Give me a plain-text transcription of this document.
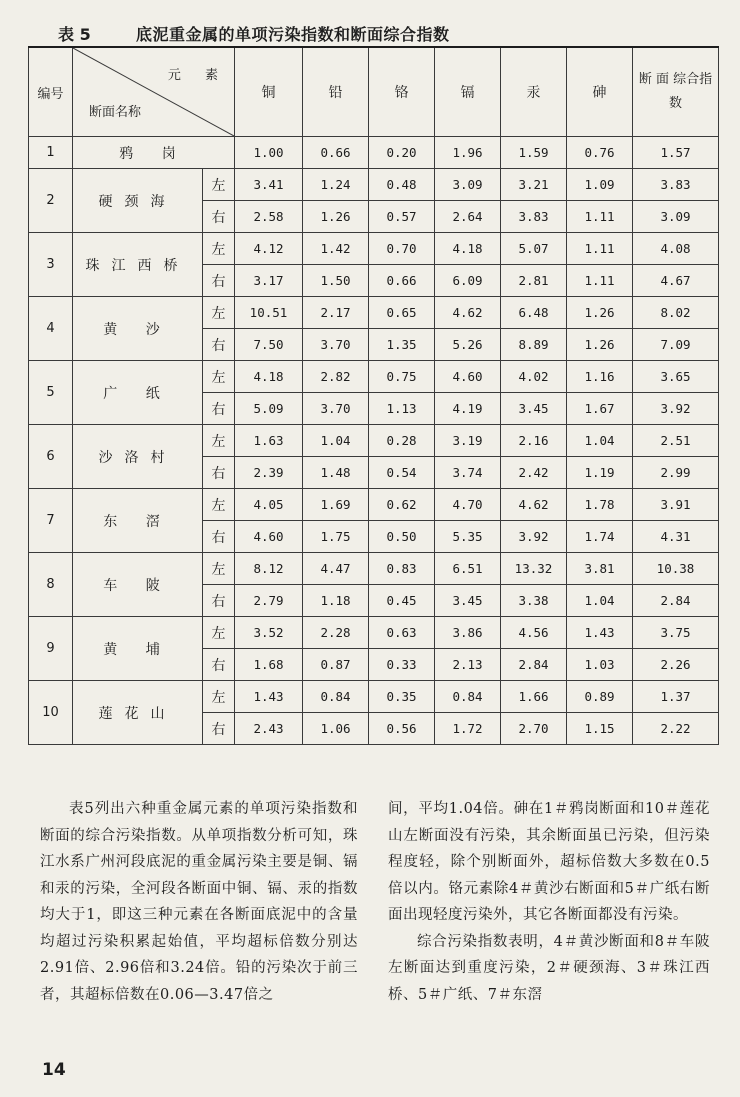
表 5	底泥重金属的单项污染指数和断面综合指数
编号	元 素
断面名称		铜	铅	铬	镉	汞	砷	断 面 综合指数
1	鸦 岗		1.00	0.66	0.20	1.96	1.59	0.76	1.57
2	硬颈海	左	3.41	1.24	0.48	3.09	3.21	1.09	3.83
		右	2.58	1.26	0.57	2.64	3.83	1.11	3.09
3	珠江西桥	左	4.12	1.42	0.70	4.18	5.07	1.11	4.08
		右	3.17	1.50	0.66	6.09	2.81	1.11	4.67
4	黄 沙	左	10.51	2.17	0.65	4.62	6.48	1.26	8.02
		右	7.50	3.70	1.35	5.26	8.89	1.26	7.09
5	广 纸	左	4.18	2.82	0.75	4.60	4.02	1.16	3.65
		右	5.09	3.70	1.13	4.19	3.45	1.67	3.92
6	沙洛村	左	1.63	1.04	0.28	3.19	2.16	1.04	2.51
		右	2.39	1.48	0.54	3.74	2.42	1.19	2.99
7	东 滘	左	4.05	1.69	0.62	4.70	4.62	1.78	3.91
		右	4.60	1.75	0.50	5.35	3.92	1.74	4.31
8	车 陂	左	8.12	4.47	0.83	6.51	13.32	3.81	10.38
		右	2.79	1.18	0.45	3.45	3.38	1.04	2.84
9	黄 埔	左	3.52	2.28	0.63	3.86	4.56	1.43	3.75
		右	1.68	0.87	0.33	2.13	2.84	1.03	2.26
10	莲花山	左	1.43	0.84	0.35	0.84	1.66	0.89	1.37
		右	2.43	1.06	0.56	1.72	2.70	1.15	2.22

表5列出六种重金属元素的单项污染指数和断面的综合污染指数。从单项指数分析可知，珠江水系广州河段底泥的重金属污染主要是铜、镉和汞的污染，全河段各断面中铜、镉、汞的指数均大于1，即这三种元素在各断面底泥中的含量均超过污染积累起始值，平均超标倍数分别达2.91倍、2.96倍和3.24倍。铅的污染次于前三者，其超标倍数在0.06—3.47倍之

间，平均1.04倍。砷在1＃鸦岗断面和10＃莲花山左断面没有污染，其余断面虽已污染，但污染程度轻，除个别断面外，超标倍数大多数在0.5倍以内。铬元素除4＃黄沙右断面和5＃广纸右断面出现轻度污染外，其它各断面都没有污染。

综合污染指数表明，4＃黄沙断面和8＃车陂左断面达到重度污染，2＃硬颈海、3＃珠江西桥、5＃广纸、7＃东滘

14
